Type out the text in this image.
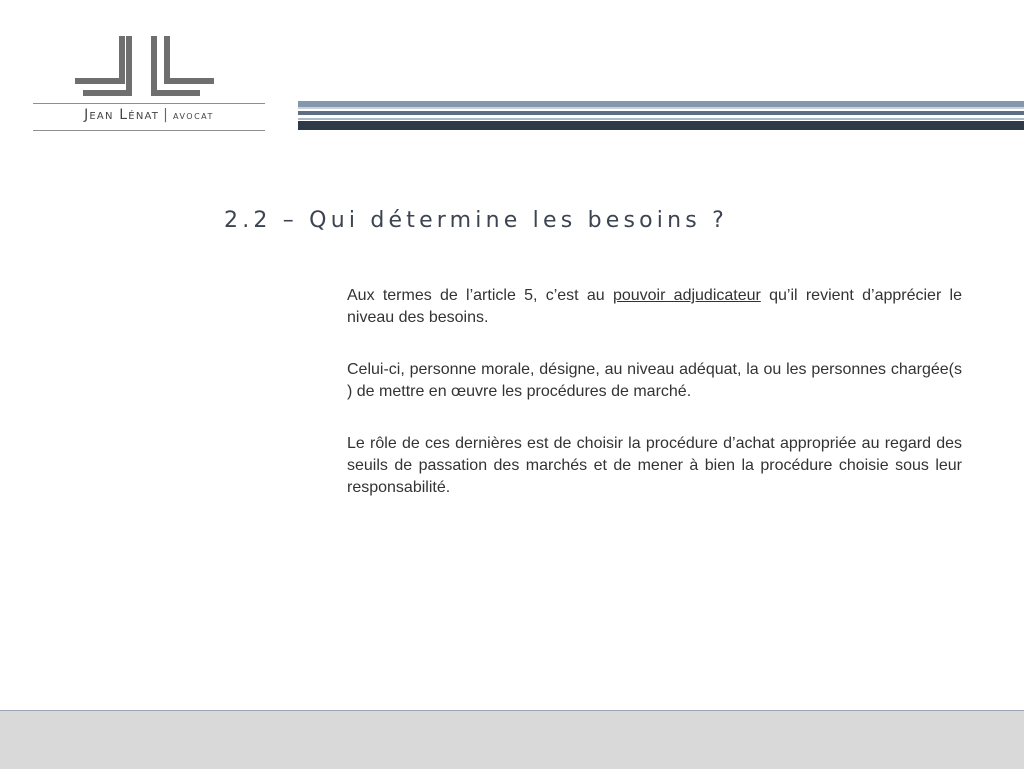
Jean Lénat | avocat
2.2 – Qui détermine les besoins ?

Aux termes de l’article 5, c’est au pouvoir adjudicateur qu’il revient d’apprécier le niveau des besoins.

Celui-ci, personne morale, désigne, au niveau adéquat, la ou les personnes chargée(s ) de mettre en œuvre les procédures de marché.

Le rôle de ces dernières est de choisir la procédure d’achat appropriée au regard des seuils de passation des marchés et de mener à bien la procédure choisie sous leur responsabilité.
